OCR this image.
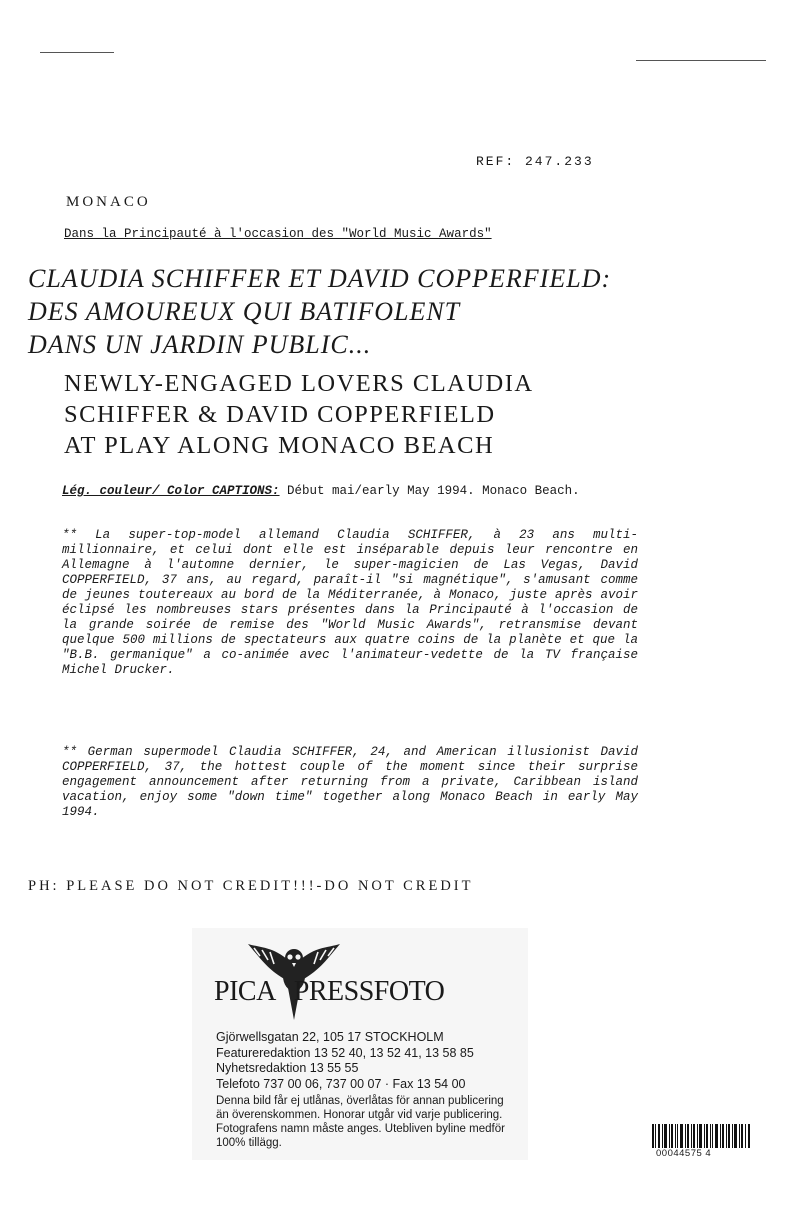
REF: 247.233
MONACO
Dans la Principauté à l'occasion des "World Music Awards"
CLAUDIA SCHIFFER ET DAVID COPPERFIELD:
DES AMOUREUX QUI BATIFOLENT
DANS UN JARDIN PUBLIC...
NEWLY-ENGAGED LOVERS CLAUDIA
SCHIFFER & DAVID COPPERFIELD
AT PLAY ALONG MONACO BEACH
Lég. couleur/ Color CAPTIONS: Début mai/early May 1994. Monaco Beach.

** La super-top-model allemand Claudia SCHIFFER, à 23 ans multi-millionnaire, et celui dont elle est inséparable depuis leur rencontre en Allemagne à l'automne dernier, le super-magicien de Las Vegas, David COPPERFIELD, 37 ans, au regard, paraît-il "si magnétique", s'amusant comme de jeunes toutereaux au bord de la Méditerranée, à Monaco, juste après avoir éclipsé les nombreuses stars présentes dans la Principauté à l'occasion de la grande soirée de remise des "World Music Awards", retransmise devant quelque 500 millions de spectateurs aux quatre coins de la planète et que la "B.B. germanique" a co-animée avec l'animateur-vedette de la TV française Michel Drucker.

** German supermodel Claudia SCHIFFER, 24, and American illusionist David COPPERFIELD, 37, the hottest couple of the moment since their surprise engagement announcement after returning from a private, Caribbean island vacation, enjoy some "down time" together along Monaco Beach in early May 1994.

PH: PLEASE DO NOT CREDIT!!!-DO NOT CREDIT
PICA PRESSFOTO
Gjörwellsgatan 22, 105 17 STOCKHOLM
Featureredaktion 13 52 40, 13 52 41, 13 58 85
Nyhetsredaktion 13 55 55
Telefoto 737 00 06, 737 00 07 · Fax 13 54 00
Denna bild får ej utlånas, överlåtas för annan publicering än överenskommen. Honorar utgår vid varje publicering. Fotografens namn måste anges. Utebliven byline medför 100% tillägg.
00044575 4
